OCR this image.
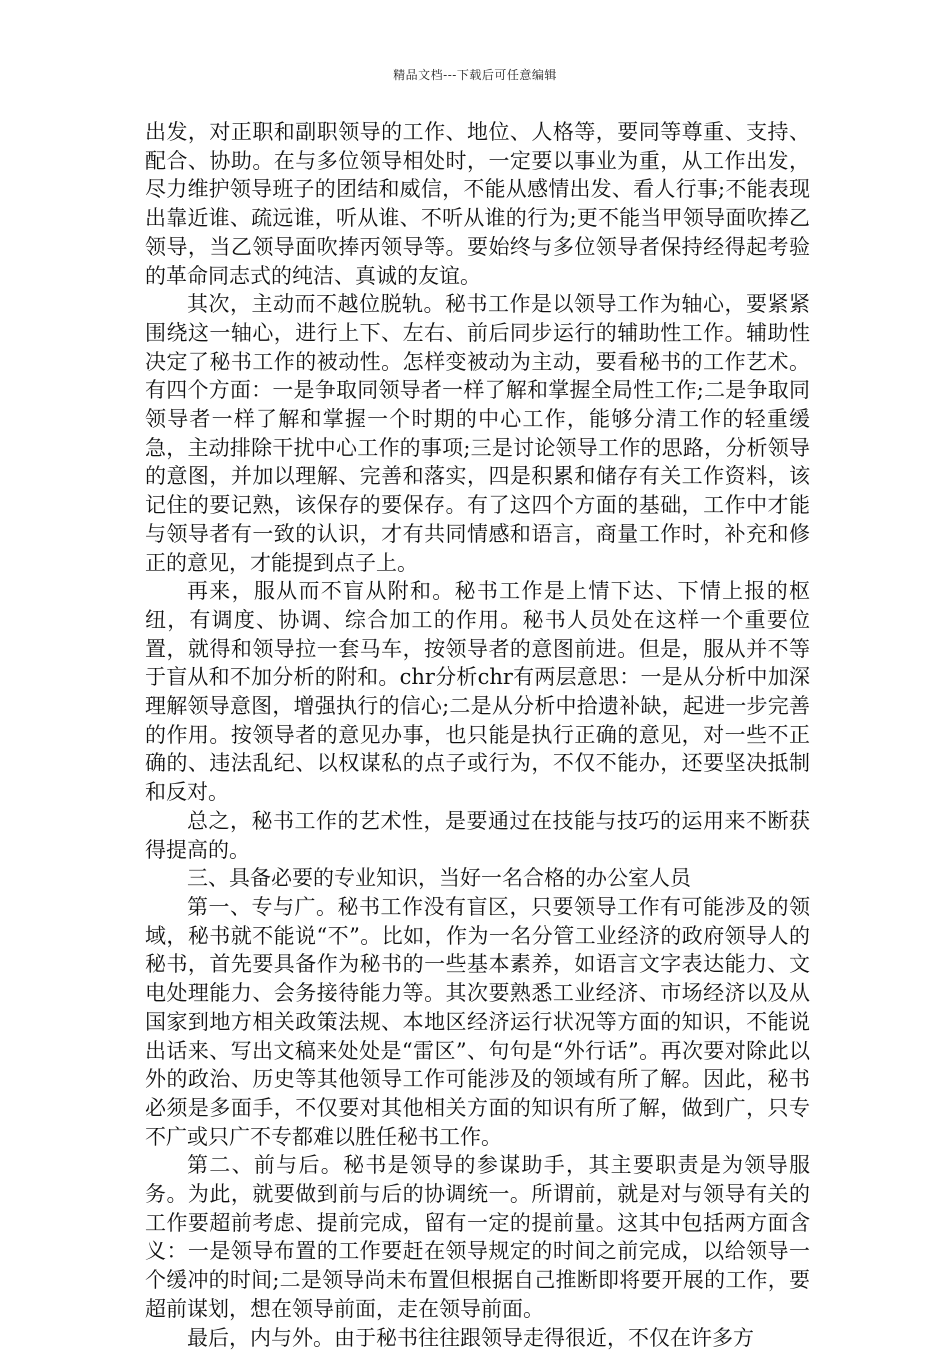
精品文档---下载后可任意编辑

出发，对正职和副职领导的工作、地位、人格等，要同等尊重、支持、配合、协助。在与多位领导相处时，一定要以事业为重，从工作出发，尽力维护领导班子的团结和威信，不能从感情出发、看人行事;不能表现出靠近谁、疏远谁，听从谁、不听从谁的行为;更不能当甲领导面吹捧乙领导，当乙领导面吹捧丙领导等。要始终与多位领导者保持经得起考验的革命同志式的纯洁、真诚的友谊。

其次，主动而不越位脱轨。秘书工作是以领导工作为轴心，要紧紧围绕这一轴心，进行上下、左右、前后同步运行的辅助性工作。辅助性决定了秘书工作的被动性。怎样变被动为主动，要看秘书的工作艺术。有四个方面：一是争取同领导者一样了解和掌握全局性工作;二是争取同领导者一样了解和掌握一个时期的中心工作，能够分清工作的轻重缓急，主动排除干扰中心工作的事项;三是讨论领导工作的思路，分析领导的意图，并加以理解、完善和落实，四是积累和储存有关工作资料，该记住的要记熟，该保存的要保存。有了这四个方面的基础，工作中才能与领导者有一致的认识，才有共同情感和语言，商量工作时，补充和修正的意见，才能提到点子上。

再来，服从而不盲从附和。秘书工作是上情下达、下情上报的枢纽，有调度、协调、综合加工的作用。秘书人员处在这样一个重要位置，就得和领导拉一套马车，按领导者的意图前进。但是，服从并不等于盲从和不加分析的附和。chr分析chr有两层意思：一是从分析中加深理解领导意图，增强执行的信心;二是从分析中拾遗补缺，起进一步完善的作用。按领导者的意见办事，也只能是执行正确的意见，对一些不正确的、违法乱纪、以权谋私的点子或行为，不仅不能办，还要坚决抵制和反对。

总之，秘书工作的艺术性，是要通过在技能与技巧的运用来不断获得提高的。

三、具备必要的专业知识，当好一名合格的办公室人员

第一、专与广。秘书工作没有盲区，只要领导工作有可能涉及的领域，秘书就不能说“不”。比如，作为一名分管工业经济的政府领导人的秘书，首先要具备作为秘书的一些基本素养，如语言文字表达能力、文电处理能力、会务接待能力等。其次要熟悉工业经济、市场经济以及从国家到地方相关政策法规、本地区经济运行状况等方面的知识，不能说出话来、写出文稿来处处是“雷区”、句句是“外行话”。再次要对除此以外的政治、历史等其他领导工作可能涉及的领域有所了解。因此，秘书必须是多面手，不仅要对其他相关方面的知识有所了解，做到广，只专不广或只广不专都难以胜任秘书工作。

第二、前与后。秘书是领导的参谋助手，其主要职责是为领导服务。为此，就要做到前与后的协调统一。所谓前，就是对与领导有关的工作要超前考虑、提前完成，留有一定的提前量。这其中包括两方面含义：一是领导布置的工作要赶在领导规定的时间之前完成，以给领导一个缓冲的时间;二是领导尚未布置但根据自己推断即将要开展的工作，要超前谋划，想在领导前面，走在领导前面。

最后，内与外。由于秘书往往跟领导走得很近，不仅在许多方
